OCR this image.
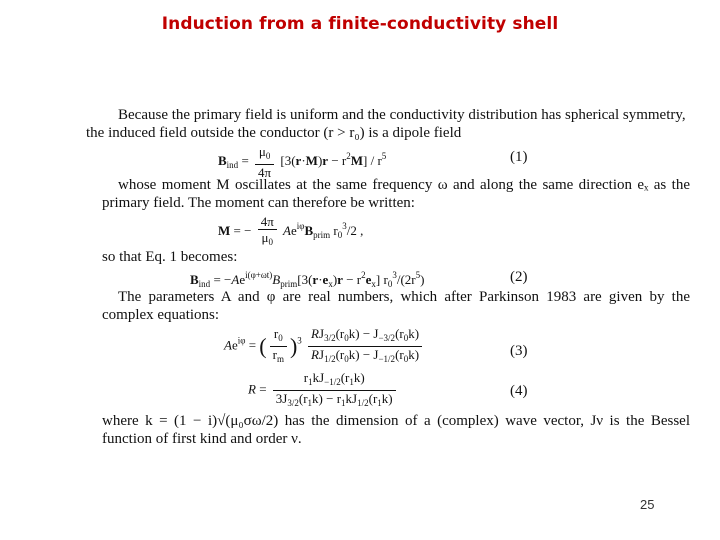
Induction from a finite-conductivity shell
Because the primary field is uniform and the conductivity distribution has spherical symmetry,
the induced field outside the conductor (r > r₀) is a dipole field
$B_{ind} = \frac{\mu_0}{4\pi} [3(r\cdot M)r - r^2M] / r^5$	(1)
whose moment M oscillates at the same frequency ω and along the same direction eₓ as the primary field. The moment can therefore be written:
M = − $\frac{4\pi}{\mu_0} Ae^{i\varphi}B_{prim}$ $r_0^3/2$ ,
so that Eq. 1 becomes:
$B_{ind} = -Ae^{i(\varphi+\omega t)}B_{prim}[3(r\cdot e_x)r - r^2e_x]$ $r_0^3/(2r^5)$	(2)
The parameters A and φ are real numbers, which after Parkinson 1983 are given by the complex equations:
$Ae^{i\varphi}$ = ( $\frac{r_0}{r_m} )^3 \frac{RJ_{3/2}(r_0k) - J_{-3/2}(r_0k)}{RJ_{1/2}(r_0k) - J_{-1/2}(r_0k)}$	(3)
$R = \frac{r_1kJ_{-1/2}(r_1k)}{3J_{3/2}(r_1k) - r_1kJ_{1/2}(r_1k)}$	(4)
where k = (1 − i)√(μ₀σω/2) has the dimension of a (complex) wave vector, Jν is the Bessel function of first kind and order ν.
25
